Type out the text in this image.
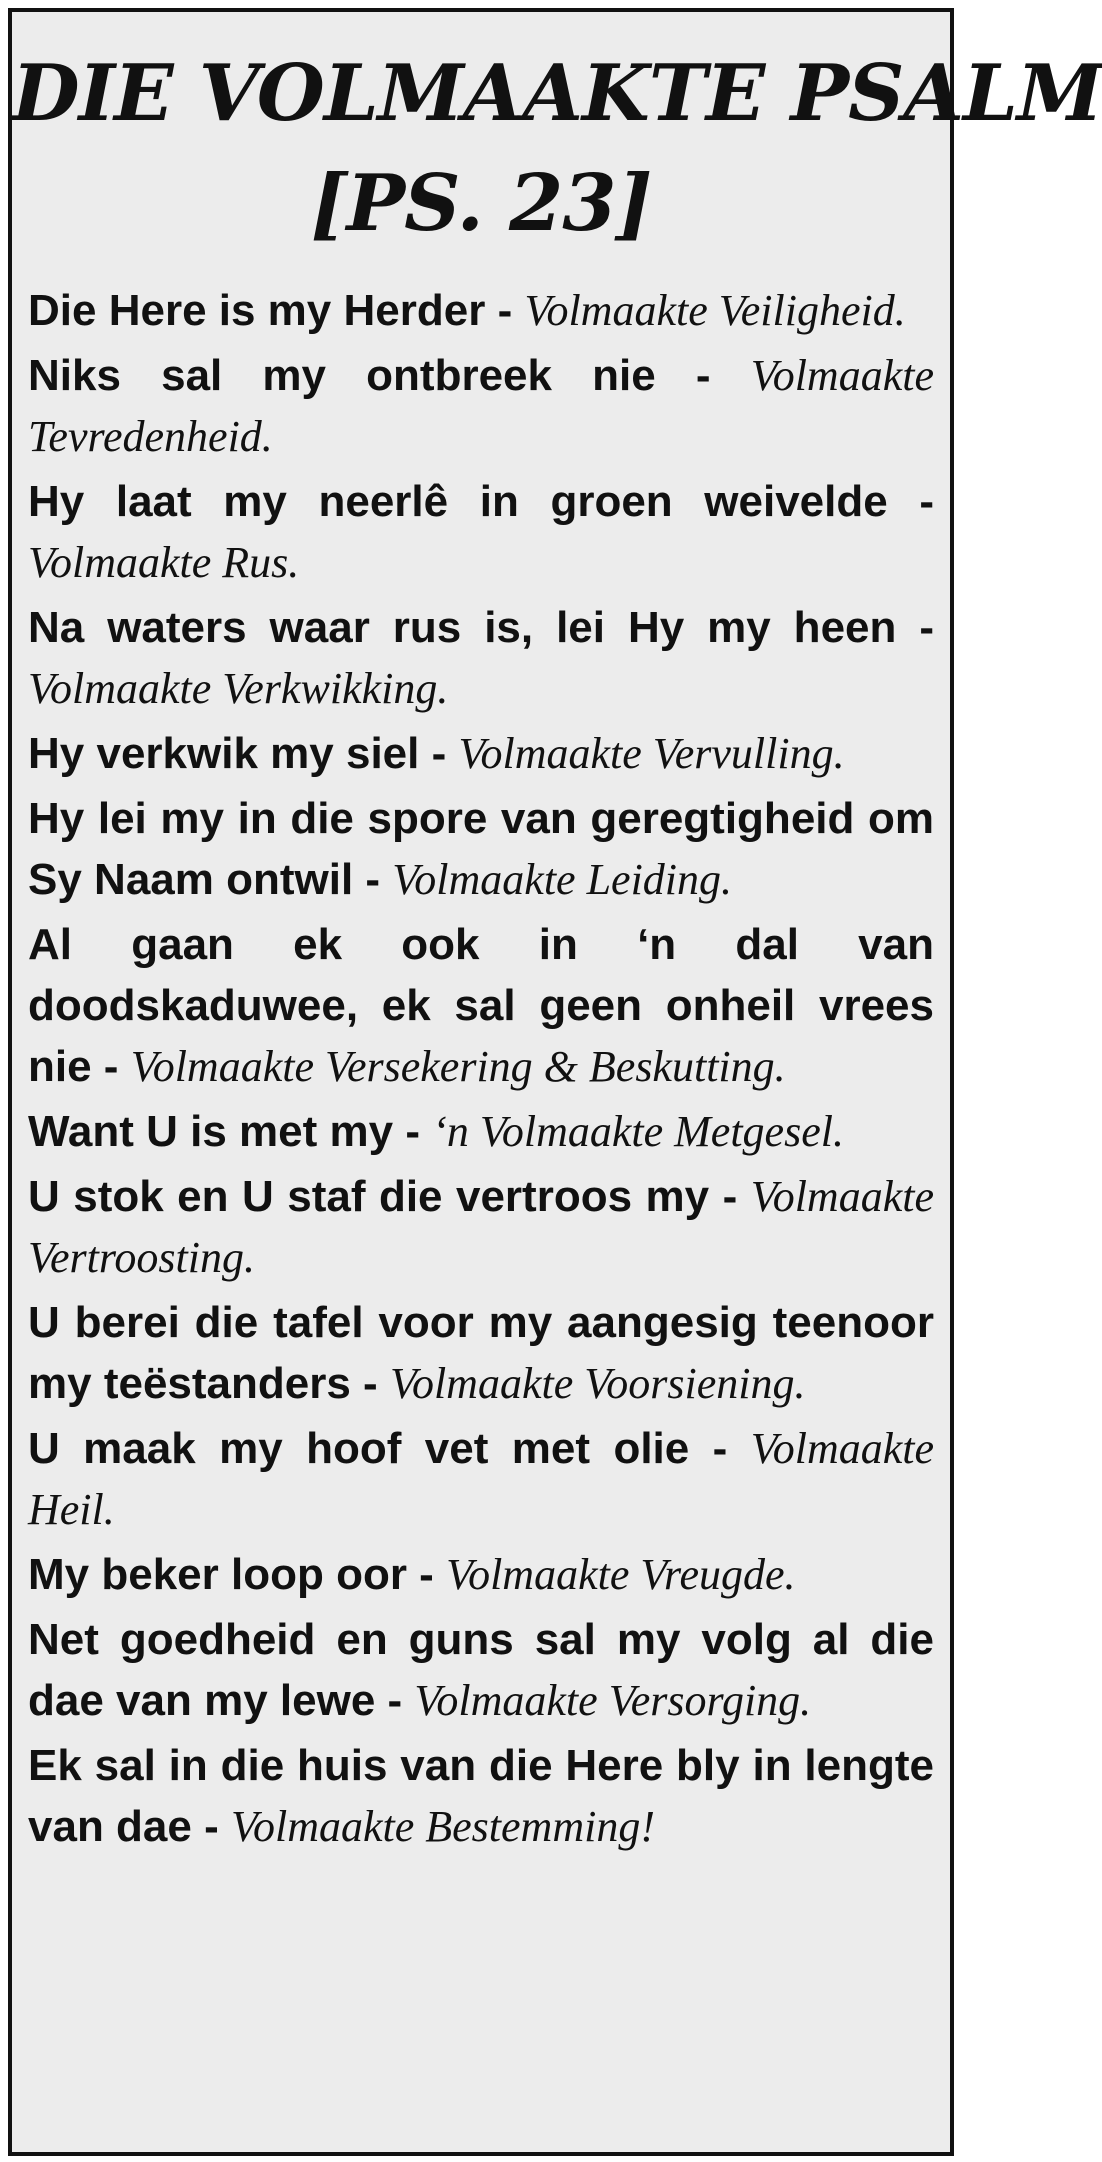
DIE VOLMAAKTE PSALM
[PS. 23]

Die Here is my Herder - Volmaakte Veiligheid.

Niks sal my ontbreek nie - Volmaakte Tevredenheid.

Hy laat my neerlê in groen weivelde - Volmaakte Rus.

Na waters waar rus is, lei Hy my heen - Volmaakte Verkwikking.

Hy verkwik my siel - Volmaakte Vervulling.

Hy lei my in die spore van geregtigheid om Sy Naam ontwil - Volmaakte Leiding.

Al gaan ek ook in ‘n dal van doodskaduwee, ek sal geen onheil vrees nie - Volmaakte Versekering & Beskutting.

Want U is met my - ‘n Volmaakte Metgesel.

U stok en U staf die vertroos my - Volmaakte Vertroosting.

U berei die tafel voor my aangesig teenoor my teëstanders - Volmaakte Voorsiening.

U maak my hoof vet met olie - Volmaakte Heil.

My beker loop oor - Volmaakte Vreugde.

Net goedheid en guns sal my volg al die dae van my lewe - Volmaakte Versorging.

Ek sal in die huis van die Here bly in lengte van dae - Volmaakte Bestemming!
